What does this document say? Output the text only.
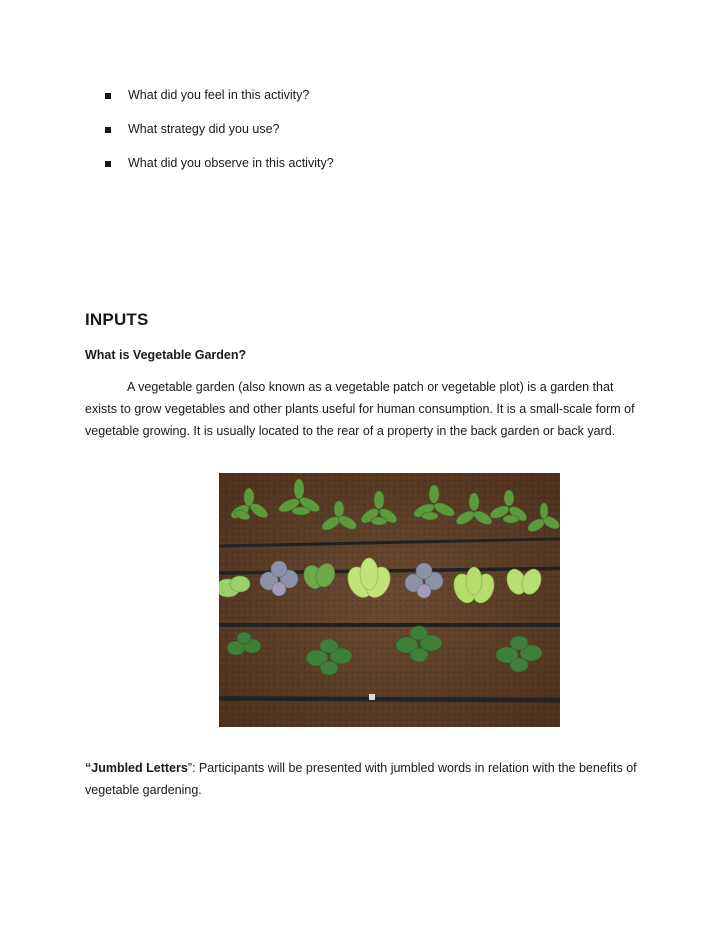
What did you feel in this activity?
What strategy did you use?
What did you observe in this activity?
INPUTS
What is Vegetable Garden?

A vegetable garden (also known as a vegetable patch or vegetable plot) is a garden that exists to grow vegetables and other plants useful for human consumption. It is a small-scale form of vegetable growing. It is usually located to the rear of a property in the back garden or back yard.

“Jumbled Letters”: Participants will be presented with jumbled words in relation with the benefits of vegetable gardening.
